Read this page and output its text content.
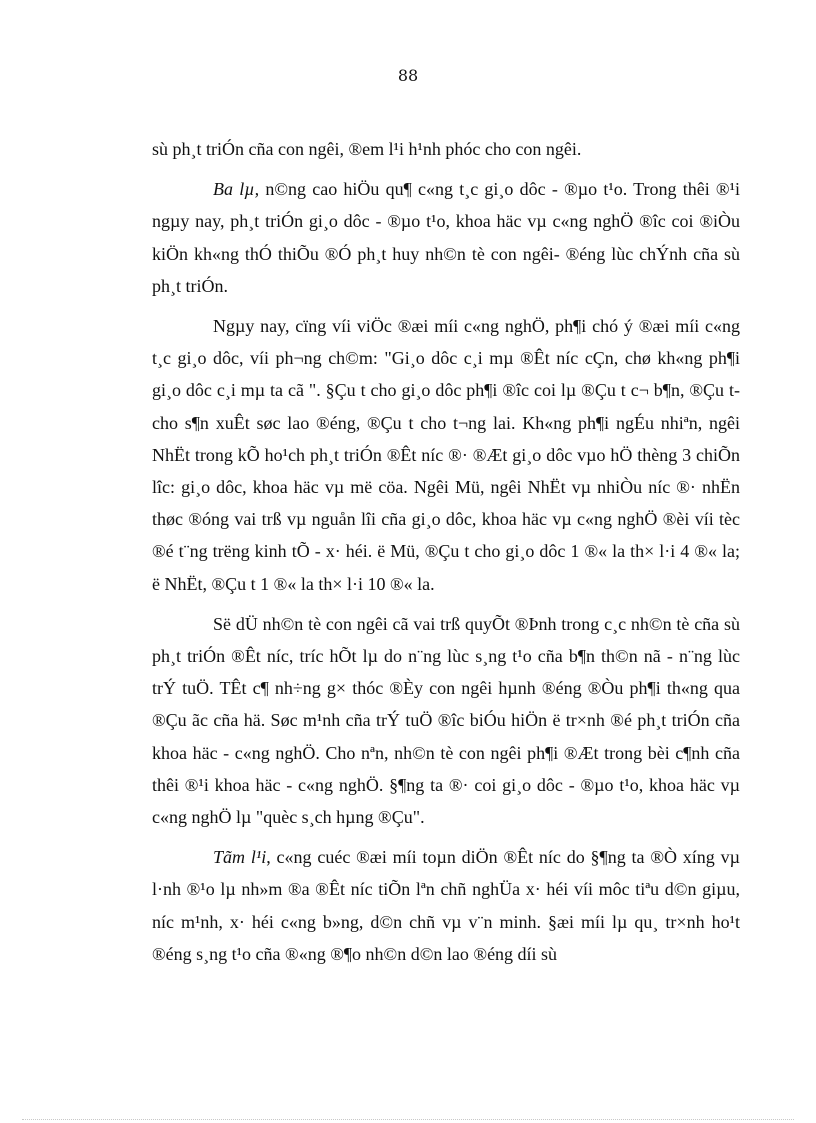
88

sù ph¸t triÓn cña con ngêi, ®em l¹i h¹nh phóc cho con ngêi.

Ba lµ, n©ng cao hiÖu qu¶ c«ng t¸c gi¸o dôc - ®µo t¹o. Trong thêi ®¹i ngµy nay, ph¸t triÓn gi¸o dôc - ®µo t¹o, khoa häc vµ c«ng nghÖ ®îc coi ®iÒu kiÖn kh«ng thÓ thiÕu ®Ó ph¸t huy nh©n tè con ngêi- ®éng lùc chÝnh cña sù ph¸t triÓn.

Ngµy nay, cïng víi viÖc ®æi míi c«ng nghÖ, ph¶i chó ý ®æi míi c«ng t¸c gi¸o dôc, víi ph¬ng ch©m: "Gi¸o dôc c¸i mµ ®Êt níc cÇn, chø kh«ng ph¶i gi¸o dôc c¸i mµ ta cã ". §Çu t cho gi¸o dôc ph¶i ®îc coi lµ ®Çu t c¬ b¶n, ®Çu t cho s¶n xuÊt søc lao ®éng, ®Çu t cho t¬ng lai. Kh«ng ph¶i ngÉu nhiªn, ngêi NhËt trong kÕ ho¹ch ph¸t triÓn ®Êt níc ®· ®Æt gi¸o dôc vµo hÖ thèng 3 chiÕn lîc: gi¸o dôc, khoa häc vµ më cöa. Ngêi Mü, ngêi NhËt vµ nhiÒu níc ®· nhËn thøc ®óng vai trß vµ nguån lîi cña gi¸o dôc, khoa häc vµ c«ng nghÖ ®èi víi tèc ®é t¨ng trëng kinh tÕ - x· héi. ë Mü, ®Çu t cho gi¸o dôc 1 ®« la th× l·i 4 ®« la; ë NhËt, ®Çu t 1 ®« la th× l·i 10 ®« la.

Së dÜ nh©n tè con ngêi cã vai trß quyÕt ®Þnh trong c¸c nh©n tè cña sù ph¸t triÓn ®Êt níc, tríc hÕt lµ do n¨ng lùc s¸ng t¹o cña b¶n th©n nã - n¨ng lùc trÝ tuÖ. TÊt c¶ nh÷ng g× thóc ®Èy con ngêi hµnh ®éng ®Òu ph¶i th«ng qua ®Çu ãc cña hä. Søc m¹nh cña trÝ tuÖ ®îc biÓu hiÖn ë tr×nh ®é ph¸t triÓn cña khoa häc - c«ng nghÖ. Cho nªn, nh©n tè con ngêi ph¶i ®Æt trong bèi c¶nh cña thêi ®¹i khoa häc - c«ng nghÖ. §¶ng ta ®· coi gi¸o dôc - ®µo t¹o, khoa häc vµ c«ng nghÖ lµ "quèc s¸ch hµng ®Çu".

Tãm l¹i, c«ng cuéc ®æi míi toµn diÖn ®Êt níc do §¶ng ta ®Ò xíng vµ l·nh ®¹o lµ nh»m ®a ®Êt níc tiÕn lªn chñ nghÜa x· héi víi môc tiªu d©n giµu, níc m¹nh, x· héi c«ng b»ng, d©n chñ vµ v¨n minh. §æi míi lµ qu¸ tr×nh ho¹t ®éng s¸ng t¹o cña ®«ng ®¶o nh©n d©n lao ®éng díi sù
